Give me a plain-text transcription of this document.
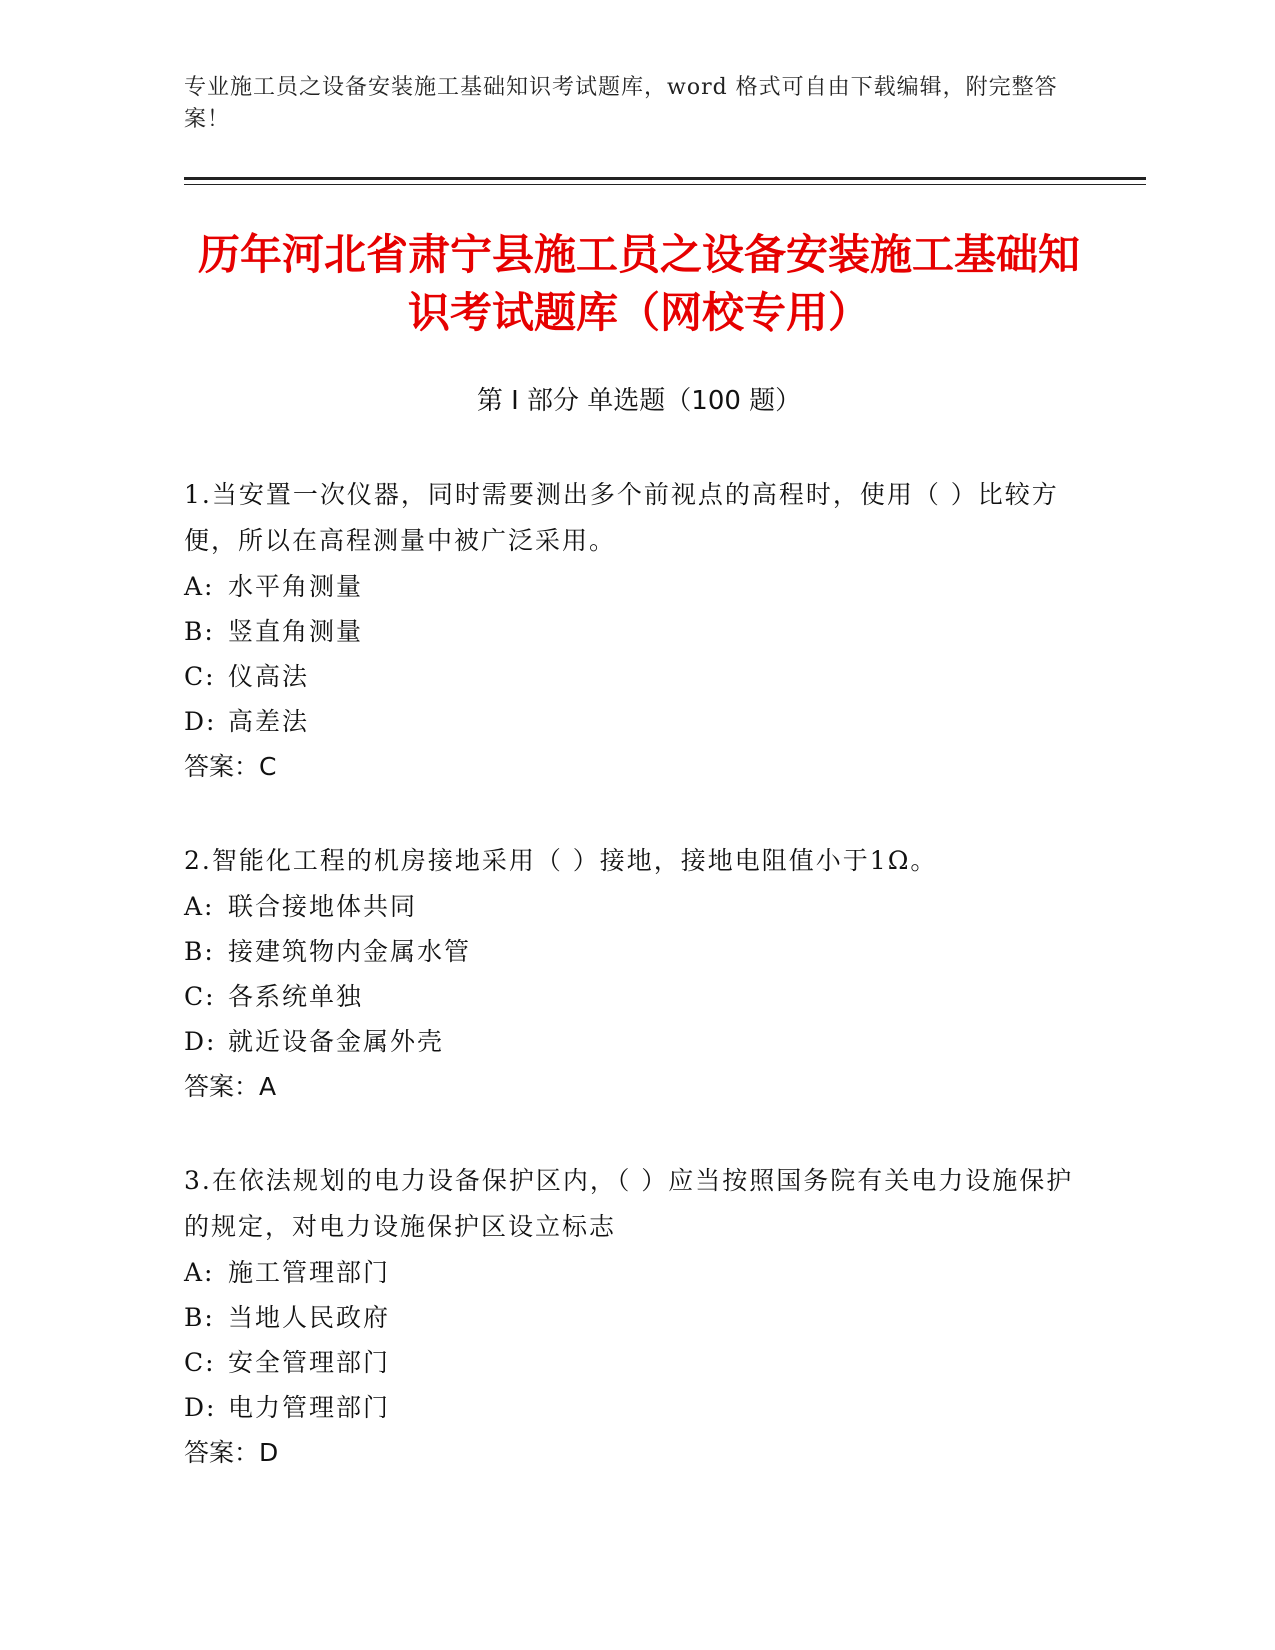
专业施工员之设备安装施工基础知识考试题库，word 格式可自由下载编辑，附完整答案！
历年河北省肃宁县施工员之设备安装施工基础知识考试题库（网校专用）
第 I 部分 单选题（100 题）
1.当安置一次仪器，同时需要测出多个前视点的高程时，使用（ ）比较方便，所以在高程测量中被广泛采用。
A: 水平角测量
B: 竖直角测量
C: 仪高法
D: 高差法
答案：C
2.智能化工程的机房接地采用（ ）接地，接地电阻值小于1Ω。
A: 联合接地体共同
B: 接建筑物内金属水管
C: 各系统单独
D: 就近设备金属外壳
答案：A
3.在依法规划的电力设备保护区内，（ ）应当按照国务院有关电力设施保护的规定，对电力设施保护区设立标志
A: 施工管理部门
B: 当地人民政府
C: 安全管理部门
D: 电力管理部门
答案：D
